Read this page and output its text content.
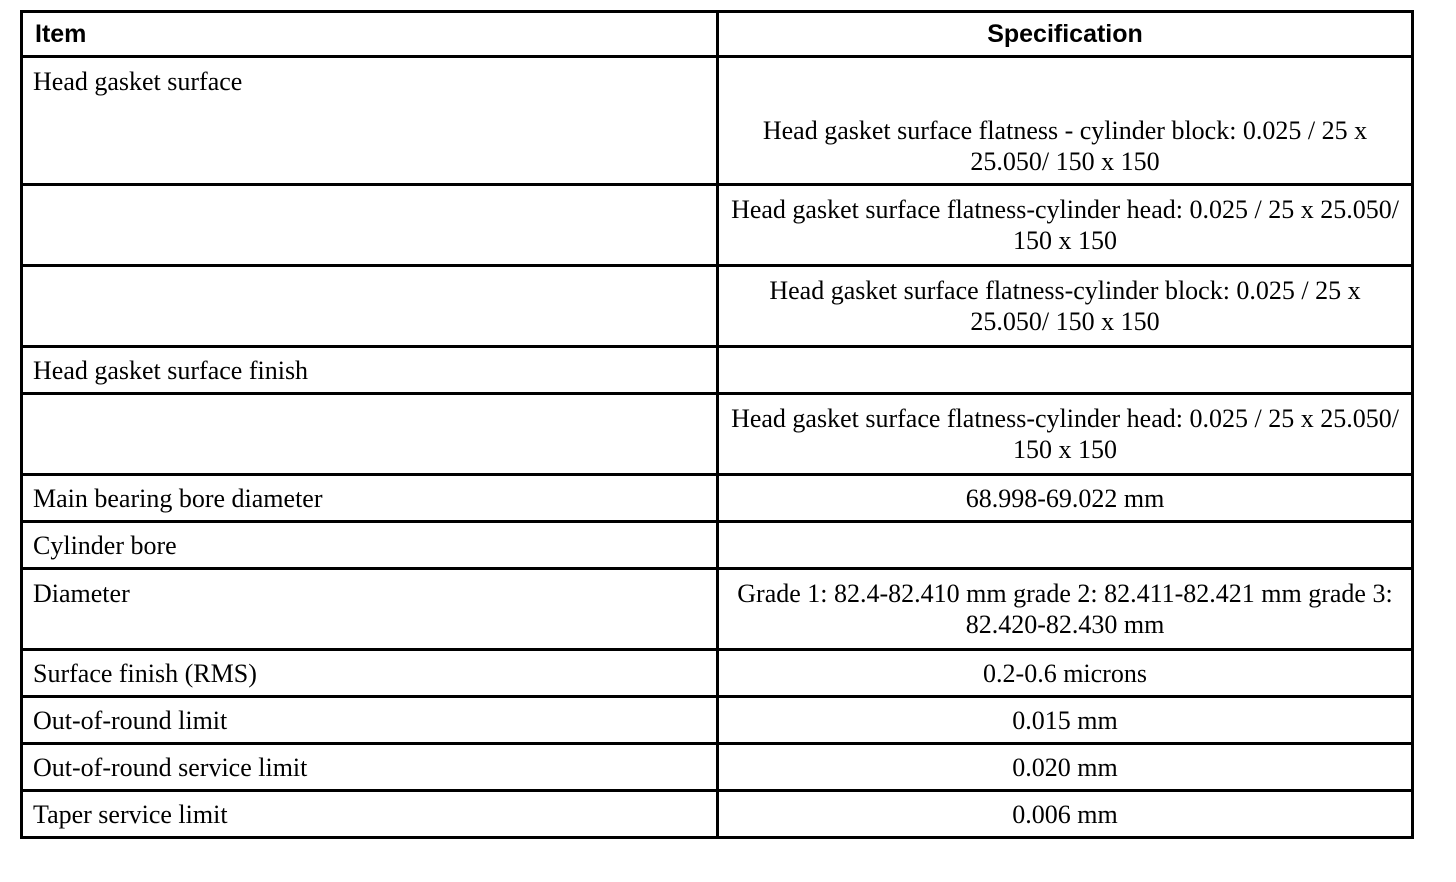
Item	Specification
Head gasket surface	Head gasket surface flatness - cylinder block: 0.025 / 25 x 25.050/ 150 x 150
	Head gasket surface flatness-cylinder head: 0.025 / 25 x 25.050/ 150 x 150
	Head gasket surface flatness-cylinder block: 0.025 / 25 x 25.050/ 150 x 150
Head gasket surface finish	
	Head gasket surface flatness-cylinder head: 0.025 / 25 x 25.050/ 150 x 150
Main bearing bore diameter	68.998-69.022 mm
Cylinder bore	
Diameter	Grade 1: 82.4-82.410 mm grade 2: 82.411-82.421 mm grade 3: 82.420-82.430 mm
Surface finish (RMS)	0.2-0.6 microns
Out-of-round limit	0.015 mm
Out-of-round service limit	0.020 mm
Taper service limit	0.006 mm
